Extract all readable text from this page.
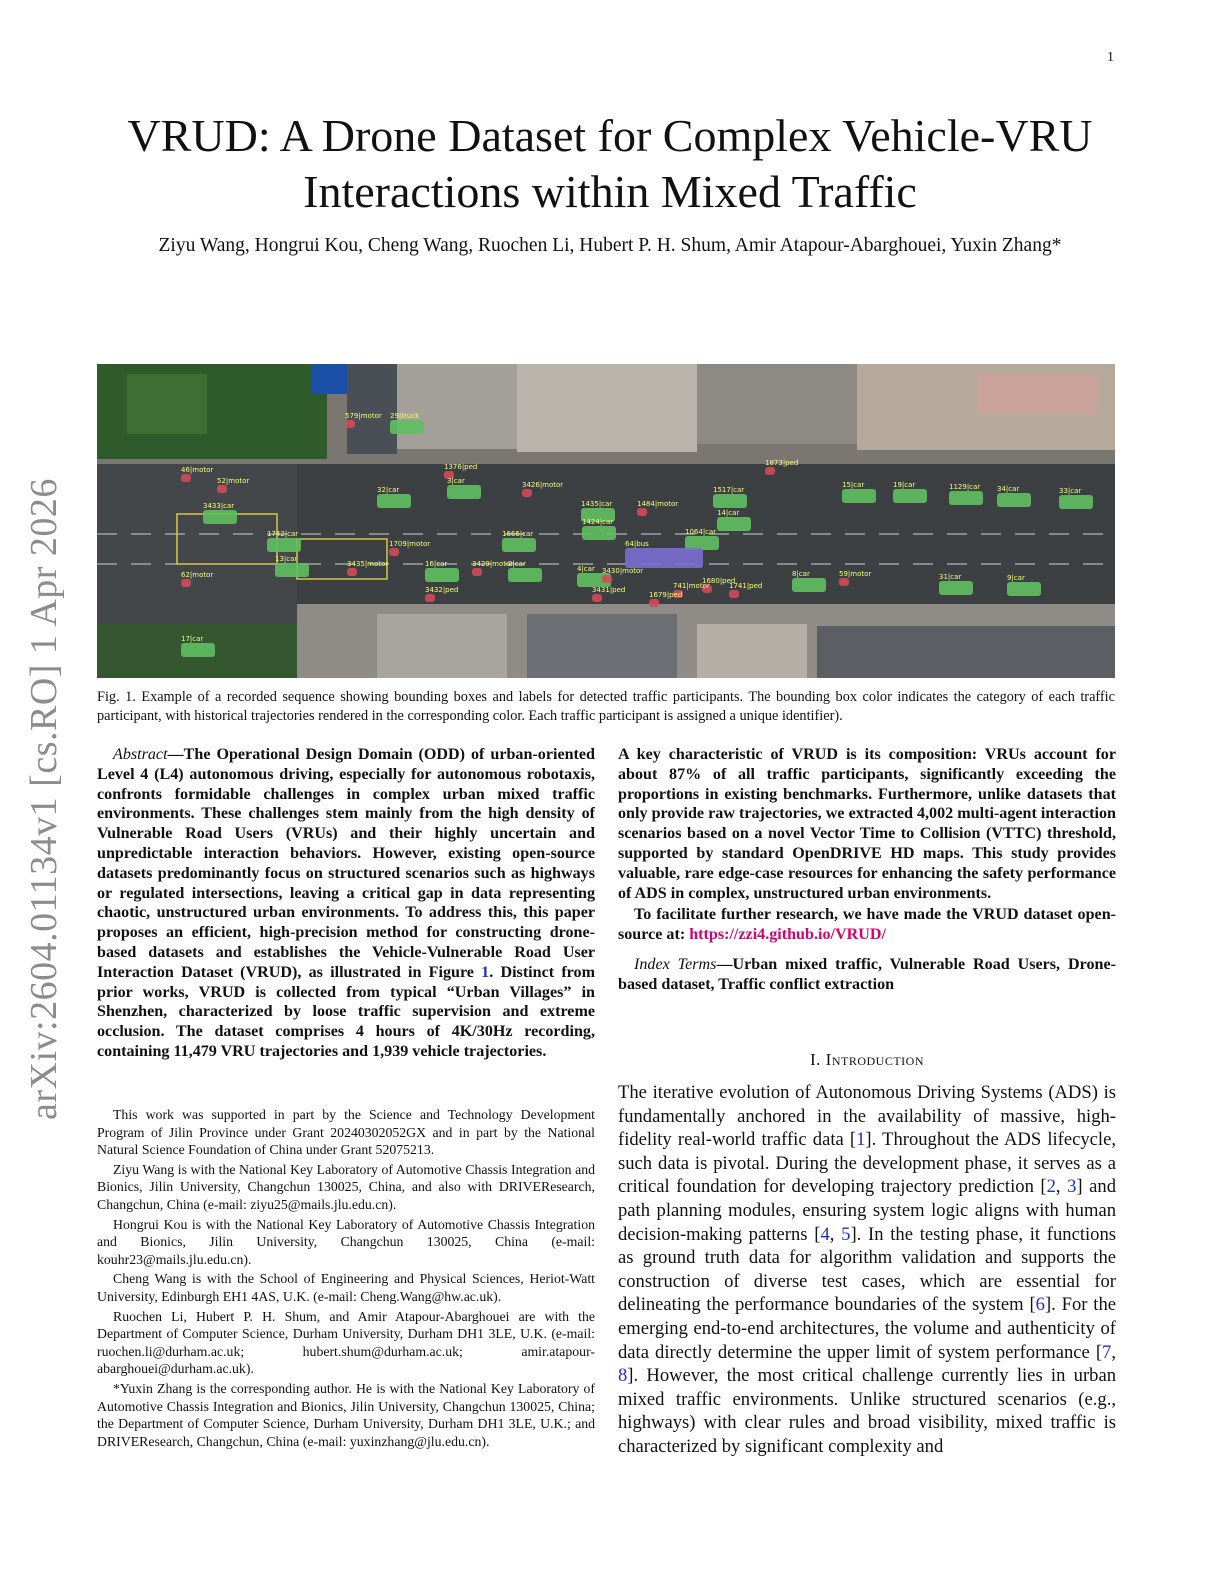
1
arXiv:2604.01134v1 [cs.RO] 1 Apr 2026
VRUD: A Drone Dataset for Complex Vehicle-VRU Interactions within Mixed Traffic
Ziyu Wang, Hongrui Kou, Cheng Wang, Ruochen Li, Hubert P. H. Shum, Amir Atapour-Abarghouei, Yuxin Zhang*
579|motor 29|truck
46|motor
52|motor
3433|car
1742|car
13|car
62|motor
17|car
32|car
1376|ped
3|car	3426|motor
1435|car
1424|car
1484|motor
1666|car
1709|motor
3435|motor	16|car	3429|motor
2|car
4|car 3430|motor
3432|ped	3431|ped
1679|ped
741|motor
1680|ped
1741|ped
1064|car
64|bus
1873|ped
1517|car
14|car
15|car	19|car	1129|car 34|car	33|car
8|car	59|motor	31|car	9|car
Fig. 1. Example of a recorded sequence showing bounding boxes and labels for detected traffic participants. The bounding box color indicates the category of each traffic participant, with historical trajectories rendered in the corresponding color. Each traffic participant is assigned a unique identifier).

Abstract—The Operational Design Domain (ODD) of urban-oriented Level 4 (L4) autonomous driving, especially for autonomous robotaxis, confronts formidable challenges in complex urban mixed traffic environments. These challenges stem mainly from the high density of Vulnerable Road Users (VRUs) and their highly uncertain and unpredictable interaction behaviors. However, existing open-source datasets predominantly focus on structured scenarios such as highways or regulated intersections, leaving a critical gap in data representing chaotic, unstructured urban environments. To address this, this paper proposes an efficient, high-precision method for constructing drone-based datasets and establishes the Vehicle-Vulnerable Road User Interaction Dataset (VRUD), as illustrated in Figure 1. Distinct from prior works, VRUD is collected from typical “Urban Villages” in Shenzhen, characterized by loose traffic supervision and extreme occlusion. The dataset comprises 4 hours of 4K/30Hz recording, containing 11,479 VRU trajectories and 1,939 vehicle trajectories.

A key characteristic of VRUD is its composition: VRUs account for about 87% of all traffic participants, significantly exceeding the proportions in existing benchmarks. Furthermore, unlike datasets that only provide raw trajectories, we extracted 4,002 multi-agent interaction scenarios based on a novel Vector Time to Collision (VTTC) threshold, supported by standard OpenDRIVE HD maps. This study provides valuable, rare edge-case resources for enhancing the safety performance of ADS in complex, unstructured urban environments.

To facilitate further research, we have made the VRUD dataset open-source at: https://zzi4.github.io/VRUD/

Index Terms—Urban mixed traffic, Vulnerable Road Users, Drone-based dataset, Traffic conflict extraction

This work was supported in part by the Science and Technology Development Program of Jilin Province under Grant 20240302052GX and in part by the National Natural Science Foundation of China under Grant 52075213.

Ziyu Wang is with the National Key Laboratory of Automotive Chassis Integration and Bionics, Jilin University, Changchun 130025, China, and also with DRIVEResearch, Changchun, China (e-mail: ziyu25@mails.jlu.edu.cn).

Hongrui Kou is with the National Key Laboratory of Automotive Chassis Integration and Bionics, Jilin University, Changchun 130025, China (e-mail: kouhr23@mails.jlu.edu.cn).

Cheng Wang is with the School of Engineering and Physical Sciences, Heriot-Watt University, Edinburgh EH1 4AS, U.K. (e-mail: Cheng.Wang@hw.ac.uk).

Ruochen Li, Hubert P. H. Shum, and Amir Atapour-Abarghouei are with the Department of Computer Science, Durham University, Durham DH1 3LE, U.K. (e-mail: ruochen.li@durham.ac.uk; hubert.shum@durham.ac.uk; amir.atapour-abarghouei@durham.ac.uk).

*Yuxin Zhang is the corresponding author. He is with the National Key Laboratory of Automotive Chassis Integration and Bionics, Jilin University, Changchun 130025, China; the Department of Computer Science, Durham University, Durham DH1 3LE, U.K.; and DRIVEResearch, Changchun, China (e-mail: yuxinzhang@jlu.edu.cn).

I. Introduction
The iterative evolution of Autonomous Driving Systems (ADS) is fundamentally anchored in the availability of massive, high-fidelity real-world traffic data [1]. Throughout the ADS lifecycle, such data is pivotal. During the development phase, it serves as a critical foundation for developing trajectory prediction [2, 3] and path planning modules, ensuring system logic aligns with human decision-making patterns [4, 5]. In the testing phase, it functions as ground truth data for algorithm validation and supports the construction of diverse test cases, which are essential for delineating the performance boundaries of the system [6]. For the emerging end-to-end architectures, the volume and authenticity of data directly determine the upper limit of system performance [7, 8]. However, the most critical challenge currently lies in urban mixed traffic environments. Unlike structured scenarios (e.g., highways) with clear rules and broad visibility, mixed traffic is characterized by significant complexity and
